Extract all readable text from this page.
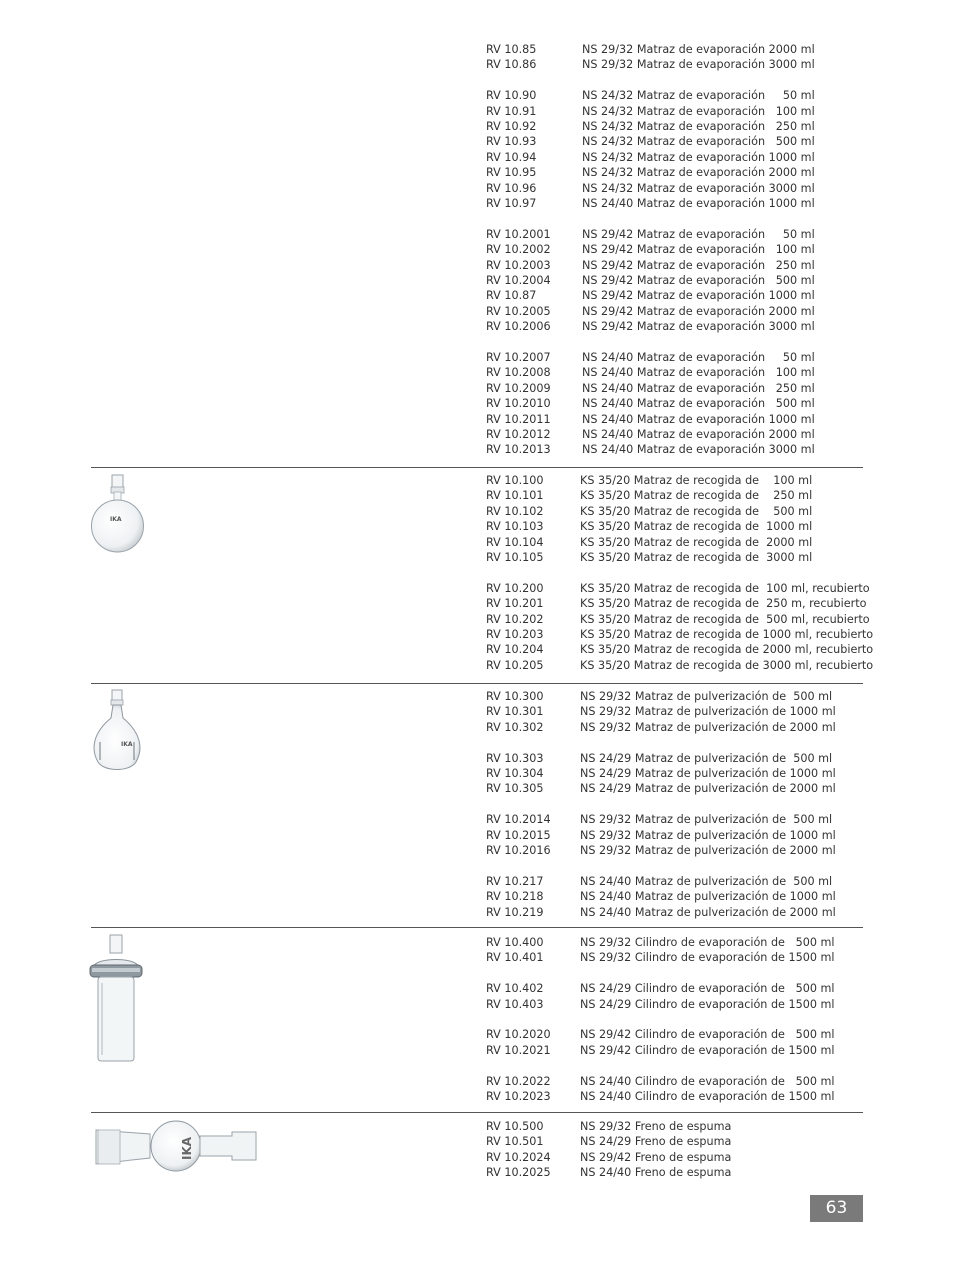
IKA
IKA
IKA
RV 10.85	NS 29/32 Matraz de evaporación 2000 ml
RV 10.86	NS 29/32 Matraz de evaporación 3000 ml
RV 10.90	NS 24/32 Matraz de evaporación     50 ml
RV 10.91	NS 24/32 Matraz de evaporación   100 ml
RV 10.92	NS 24/32 Matraz de evaporación   250 ml
RV 10.93	NS 24/32 Matraz de evaporación   500 ml
RV 10.94	NS 24/32 Matraz de evaporación 1000 ml
RV 10.95	NS 24/32 Matraz de evaporación 2000 ml
RV 10.96	NS 24/32 Matraz de evaporación 3000 ml
RV 10.97	NS 24/40 Matraz de evaporación 1000 ml
RV 10.2001	NS 29/42 Matraz de evaporación     50 ml
RV 10.2002	NS 29/42 Matraz de evaporación   100 ml
RV 10.2003	NS 29/42 Matraz de evaporación   250 ml
RV 10.2004	NS 29/42 Matraz de evaporación   500 ml
RV 10.87	NS 29/42 Matraz de evaporación 1000 ml
RV 10.2005	NS 29/42 Matraz de evaporación 2000 ml
RV 10.2006	NS 29/42 Matraz de evaporación 3000 ml
RV 10.2007	NS 24/40 Matraz de evaporación     50 ml
RV 10.2008	NS 24/40 Matraz de evaporación   100 ml
RV 10.2009	NS 24/40 Matraz de evaporación   250 ml
RV 10.2010	NS 24/40 Matraz de evaporación   500 ml
RV 10.2011	NS 24/40 Matraz de evaporación 1000 ml
RV 10.2012	NS 24/40 Matraz de evaporación 2000 ml
RV 10.2013	NS 24/40 Matraz de evaporación 3000 ml
RV 10.100	KS 35/20 Matraz de recogida de    100 ml
RV 10.101	KS 35/20 Matraz de recogida de    250 ml
RV 10.102	KS 35/20 Matraz de recogida de    500 ml
RV 10.103	KS 35/20 Matraz de recogida de  1000 ml
RV 10.104	KS 35/20 Matraz de recogida de  2000 ml
RV 10.105	KS 35/20 Matraz de recogida de  3000 ml
RV 10.200	KS 35/20 Matraz de recogida de  100 ml, recubierto
RV 10.201	KS 35/20 Matraz de recogida de  250 m, recubierto
RV 10.202	KS 35/20 Matraz de recogida de  500 ml, recubierto
RV 10.203	KS 35/20 Matraz de recogida de 1000 ml, recubierto
RV 10.204	KS 35/20 Matraz de recogida de 2000 ml, recubierto
RV 10.205	KS 35/20 Matraz de recogida de 3000 ml, recubierto
RV 10.300	NS 29/32 Matraz de pulverización de  500 ml
RV 10.301	NS 29/32 Matraz de pulverización de 1000 ml
RV 10.302	NS 29/32 Matraz de pulverización de 2000 ml
RV 10.303	NS 24/29 Matraz de pulverización de  500 ml
RV 10.304	NS 24/29 Matraz de pulverización de 1000 ml
RV 10.305	NS 24/29 Matraz de pulverización de 2000 ml
RV 10.2014	NS 29/32 Matraz de pulverización de  500 ml
RV 10.2015	NS 29/32 Matraz de pulverización de 1000 ml
RV 10.2016	NS 29/32 Matraz de pulverización de 2000 ml
RV 10.217	NS 24/40 Matraz de pulverización de  500 ml
RV 10.218	NS 24/40 Matraz de pulverización de 1000 ml
RV 10.219	NS 24/40 Matraz de pulverización de 2000 ml
RV 10.400	NS 29/32 Cilindro de evaporación de   500 ml
RV 10.401	NS 29/32 Cilindro de evaporación de 1500 ml
RV 10.402	NS 24/29 Cilindro de evaporación de   500 ml
RV 10.403	NS 24/29 Cilindro de evaporación de 1500 ml
RV 10.2020	NS 29/42 Cilindro de evaporación de   500 ml
RV 10.2021	NS 29/42 Cilindro de evaporación de 1500 ml
RV 10.2022	NS 24/40 Cilindro de evaporación de   500 ml
RV 10.2023	NS 24/40 Cilindro de evaporación de 1500 ml
RV 10.500	NS 29/32 Freno de espuma
RV 10.501	NS 24/29 Freno de espuma
RV 10.2024	NS 29/42 Freno de espuma
RV 10.2025	NS 24/40 Freno de espuma
63
